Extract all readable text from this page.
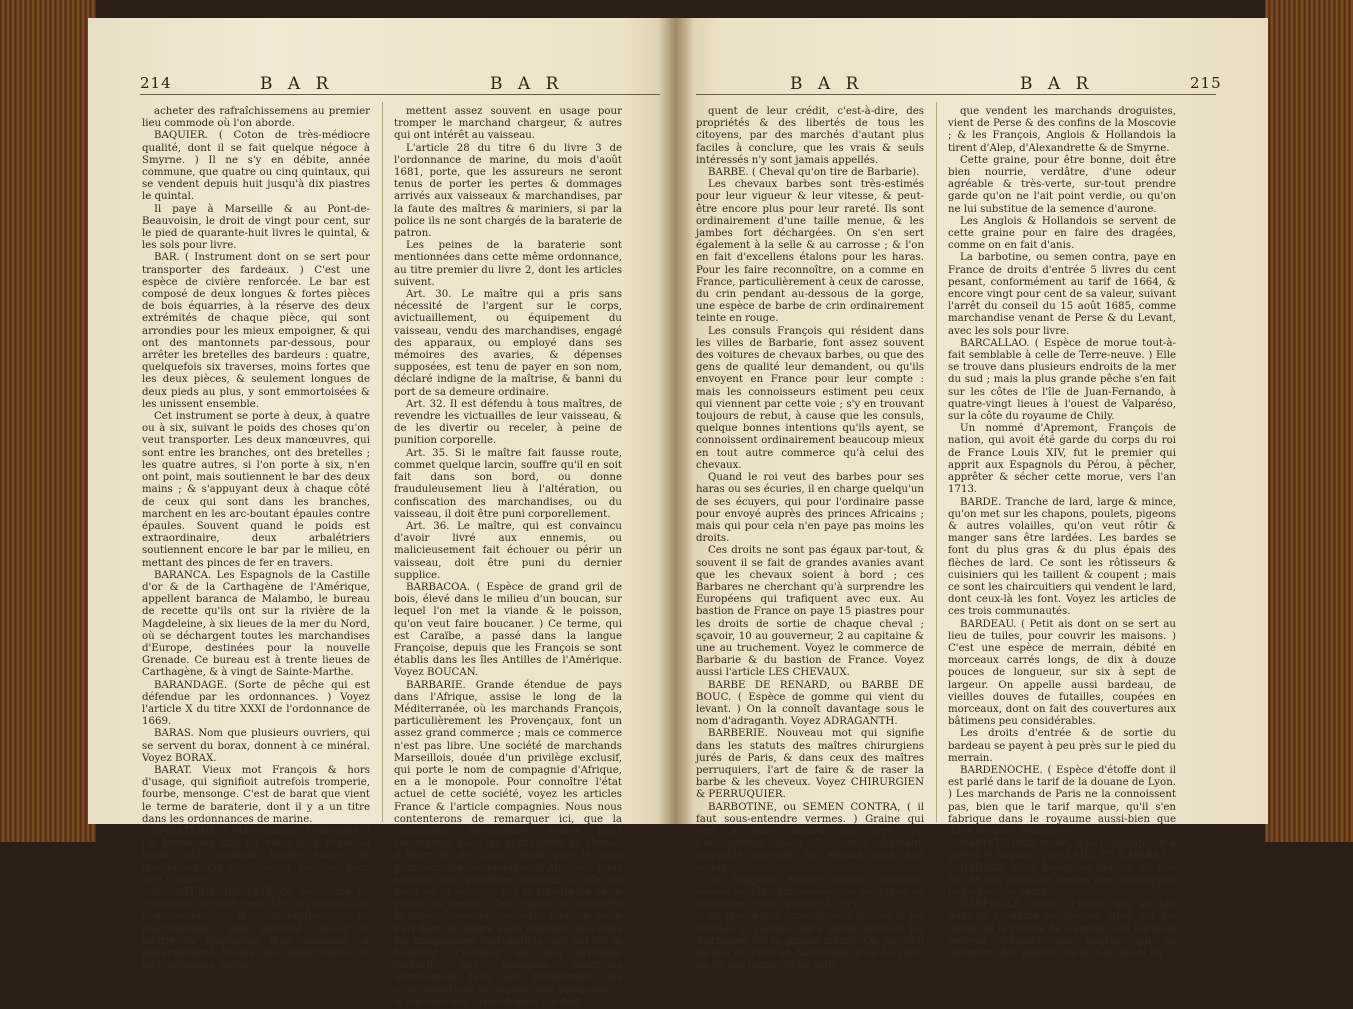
214	B A R	B A R

acheter des rafraîchissemens au premier lieu commode où l'on aborde.

BAQUIER. ( Coton de très-médiocre qualité, dont il se fait quelque négoce à Smyrne. ) Il ne s'y en débite, année commune, que quatre ou cinq quintaux, qui se vendent depuis huit jusqu'à dix piastres le quintal.

Il paye à Marseille & au Pont-de-Beauvoisin, le droit de vingt pour cent, sur le pied de quarante-huit livres le quintal, & les sols pour livre.

BAR. ( Instrument dont on se sert pour transporter des fardeaux. ) C'est une espèce de civière renforcée. Le bar est composé de deux longues & fortes pièces de bois équarries, à la réserve des deux extrémités de chaque pièce, qui sont arrondies pour les mieux empoigner, & qui ont des mantonnets par-dessous, pour arrêter les bretelles des bardeurs : quatre, quelquefois six traverses, moins fortes que les deux pièces, & seulement longues de deux pieds au plus, y sont emmortoisées & les unissent ensemble.

Cet instrument se porte à deux, à quatre ou à six, suivant le poids des choses qu'on veut transporter. Les deux manœuvres, qui sont entre les branches, ont des bretelles ; les quatre autres, si l'on porte à six, n'en ont point, mais soutiennent le bar des deux mains ; & s'appuyant deux à chaque côté de ceux qui sont dans les branches, marchent en les arc-boutant épaules contre épaules. Souvent quand le poids est extraordinaire, deux arbalétriers soutiennent encore le bar par le milieu, en mettant des pinces de fer en travers.

BARANCA. Les Espagnols de la Castille d'or & de la Carthagène de l'Amérique, appellent baranca de Malambo, le bureau de recette qu'ils ont sur la rivière de la Magdeleine, à six lieues de la mer du Nord, où se déchargent toutes les marchandises d'Europe, destinées pour la nouvelle Grenade. Ce bureau est à trente lieues de Carthagène, & à vingt de Sainte-Marthe.

BARANDAGE. (Sorte de pêche qui est défendue par les ordonnances. ) Voyez l'article X du titre XXXI de l'ordonnance de 1669.

BARAS. Nom que plusieurs ouvriers, qui se servent du borax, donnent à ce minéral. Voyez BORAX.

BARAT. Vieux mot François & hors d'usage, qui signifioit autrefois tromperie, fourbe, mensonge. C'est de barat que vient le terme de baraterie, dont il y a un titre dans les ordonnances de marine.

BARATERIE. ( Malversation, tromperie. ) Ce terme est tiré du vieux mot François barat, qui signifioit toutes sortes de tromperies. On disoit aussi, barater, pour dire tromper.

BARATERIE DE PATRON, en terme de commerce de mer, veut dire, les larcins, les déguisemens & altérations de marchandises, que peuvent causer le maître & l'équipage d'un vaisseau, & généralement toutes les supercheries & malversations, qu'ils

mettent assez souvent en usage pour tromper le marchand chargeur, & autres qui ont intérêt au vaisseau.

L'article 28 du titre 6 du livre 3 de l'ordonnance de marine, du mois d'août 1681, porte, que les assureurs ne seront tenus de porter les pertes & dommages arrivés aux vaisseaux & marchandises, par la faute des maîtres & mariniers, si par la police ils ne sont chargés de la baraterie de patron.

Les peines de la baraterie sont mentionnées dans cette même ordonnance, au titre premier du livre 2, dont les articles suivent.

Art. 30. Le maître qui a pris sans nécessité de l'argent sur le corps, avictuaillement, ou équipement du vaisseau, vendu des marchandises, engagé des apparaux, ou employé dans ses mémoires des avaries, & dépenses supposées, est tenu de payer en son nom, déclaré indigne de la maîtrise, & banni du port de sa demeure ordinaire.

Art. 32. Il est défendu à tous maîtres, de revendre les victuailles de leur vaisseau, & de les divertir ou receler, à peine de punition corporelle.

Art. 35. Si le maître fait fausse route, commet quelque larcin, souffre qu'il en soit fait dans son bord, ou donne frauduleusement lieu à l'altération, ou confiscation des marchandises, ou du vaisseau, il doit être puni corporellement.

Art. 36. Le maître, qui est convaincu d'avoir livré aux ennemis, ou malicieusement fait échouer ou périr un vaisseau, doit être puni du dernier supplice.

BARBACOA. ( Espèce de grand gril de bois, élevé dans le milieu d'un boucan, sur lequel l'on met la viande & le poisson, qu'on veut faire boucaner. ) Ce terme, qui est Caraïbe, a passé dans la langue Françoise, depuis que les François se sont établis dans les îles Antilles de l'Amérique. Voyez BOUCAN.

BARBARIE. Grande étendue de pays dans l'Afrique, assise le long de la Méditerranée, où les marchands François, particulièrement les Provençaux, font un assez grand commerce ; mais ce commerce n'est pas libre. Une société de marchands Marseillois, douée d'un privilège exclusif, qui porte le nom de compagnie d'Afrique, en a le monopole. Pour connoître l'état actuel de cette société, voyez les articles France & l'article compagnies. Nous nous contenterons de remarquer ici, que la compagnie Marseilloise établie pour commercer dans les petits états de Maroc, d'Alger & de Tunis, avoit pris le nom pompeux de compagnie d'Afrique, pour étendre son privilège exclusif, si elle en avoit eu le pouvoir, sur la totalité de cette partie du monde. Car l'esprit de conquête & d'envahissement général n'existe nulle part dans un degré aussi éminent, que dans les compagnies mercantiles, qui ont eu le bonheur d'acheter un bon privilège exclusif, par quelques sacrifices adroitement faits aux subalternes des administrations publiques, aux protecteurs, & sur-tout aux protectrices, qui traf-

B A R	B A R	215

quent de leur crédit, c'est-à-dire, des propriétés & des libertés de tous les citoyens, par des marchés d'autant plus faciles à conclure, que les vrais & seuls intéressés n'y sont jamais appellés.

BARBE. ( Cheval qu'on tire de Barbarie).

Les chevaux barbes sont très-estimés pour leur vigueur & leur vitesse, & peut-être encore plus pour leur rareté. Ils sont ordinairement d'une taille menue, & les jambes fort déchargées. On s'en sert également à la selle & au carrosse ; & l'on en fait d'excellens étalons pour les haras. Pour les faire reconnoître, on a comme en France, particulièrement à ceux de carosse, du crin pendant au-dessous de la gorge, une espèce de barbe de crin ordinairement teinte en rouge.

Les consuls François qui résident dans les villes de Barbarie, font assez souvent des voitures de chevaux barbes, ou que des gens de qualité leur demandent, ou qu'ils envoyent en France pour leur compte : mais les connoisseurs estiment peu ceux qui viennent par cette voie ; s'y en trouvant toujours de rebut, à cause que les consuls, quelque bonnes intentions qu'ils ayent, se connoissent ordinairement beaucoup mieux en tout autre commerce qu'à celui des chevaux.

Quand le roi veut des barbes pour ses haras ou ses écuries, il en charge quelqu'un de ses écuyers, qui pour l'ordinaire passe pour envoyé auprès des princes Africains ; mais qui pour cela n'en paye pas moins les droits.

Ces droits ne sont pas égaux par-tout, & souvent il se fait de grandes avanies avant que les chevaux soient à bord ; ces Barbares ne cherchant qu'à surprendre les Européens qui trafiquent avec eux. Au bastion de France on paye 15 piastres pour les droits de sortie de chaque cheval ; sçavoir, 10 au gouverneur, 2 au capitaine & une au truchement. Voyez le commerce de Barbarie & du bastion de France. Voyez aussi l'article LES CHEVAUX.

BARBE DE RENARD, ou BARBE DE BOUC. ( Espèce de gomme qui vient du levant. ) On la connoît davantage sous le nom d'adraganth. Voyez ADRAGANTH.

BARBERIE. Nouveau mot qui signifie dans les statuts des maîtres chirurgiens jurés de Paris, & dans ceux des maîtres perruquiers, l'art de faire & de raser la barbe & les cheveux. Voyez CHIRURGIEN & PERRUQUIER.

BARBOTINE, ou SEMEN CONTRA, ( il faut sous-entendre vermes. ) Graine qui sert à faire mourir les vers qui s'engendrent dans le corps humain, auxquels sur-tout les enfans sont fort sujets.

On l'appelle encore semen sanctum, semen santonicum, semencine, santoline ou xantoline ; enfin, poudre à vers.

La plante qui produit cette graine, a les feuilles si petites, qu'à peine peut-on les distinguer de la graine même. On prétend qu'elle en croît en Xaintonge, d'où lui vient un de ses noms ; mais celle

que vendent les marchands droguistes, vient de Perse & des confins de la Moscovie ; & les François, Anglois & Hollandois la tirent d'Alep, d'Alexandrette & de Smyrne.

Cette graine, pour être bonne, doit être bien nourrie, verdâtre, d'une odeur agréable & très-verte, sur-tout prendre garde qu'on ne l'ait point verdie, ou qu'on ne lui substitue de la semence d'aurone.

Les Anglois & Hollandois se servent de cette graine pour en faire des dragées, comme on en fait d'anis.

La barbotine, ou semen contra, paye en France de droits d'entrée 5 livres du cent pesant, conformément au tarif de 1664, & encore vingt pour cent de sa valeur, suivant l'arrêt du conseil du 15 août 1685, comme marchandise venant de Perse & du Levant, avec les sols pour livre.

BARCALLAO. ( Espèce de morue tout-à-fait semblable à celle de Terre-neuve. ) Elle se trouve dans plusieurs endroits de la mer du sud ; mais la plus grande pêche s'en fait sur les côtes de l'île de Juan-Fernando, à quatre-vingt lieues à l'ouest de Valparéso, sur la côte du royaume de Chily.

Un nommé d'Apremont, François de nation, qui avoit été garde du corps du roi de France Louis XIV, fut le premier qui apprit aux Espagnols du Pérou, à pêcher, apprêter & sécher cette morue, vers l'an 1713.

BARDE. Tranche de lard, large & mince, qu'on met sur les chapons, poulets, pigeons & autres volailles, qu'on veut rôtir & manger sans être lardées. Les bardes se font du plus gras & du plus épais des flèches de lard. Ce sont les rôtisseurs & cuisiniers qui les taillent & coupent ; mais ce sont les chaircuitiers qui vendent le lard, dont ceux-là les font. Voyez les articles de ces trois communautés.

BARDEAU. ( Petit ais dont on se sert au lieu de tuiles, pour couvrir les maisons. ) C'est une espèce de merrain, débité en morceaux carrés longs, de dix à douze pouces de longueur, sur six à sept de largeur. On appelle aussi bardeau, de vieilles douves de futailles, coupées en morceaux, dont on fait des couvertures aux bâtimens peu considérables.

Les droits d'entrée & de sortie du bardeau se payent à peu près sur le pied du merrain.

BARDENOCHE. ( Espèce d'étoffe dont il est parlé dans le tarif de la douane de Lyon. ) Les marchands de Paris ne la connoissent pas, bien que le tarif marque, qu'il s'en fabrique dans le royaume aussi-bien que dans les pays étrangers.

BARDOT. Petit mulet, que l'on employe à porter le bagage. Voyez MULET & HARAS.

BARETZ. Gros bourg de Poitou, où l'on fait de ces sortes de serges que l'on appelle boulanger de camp.

BARFOULS. Sorte d'étoffe qui se fait dans le royaume de Cantor, situé sur les bords de la rivière de Gambie. Les barfouls servent d'habits aux nègres qui se nomment des pagnes. Ils en font aussi un
